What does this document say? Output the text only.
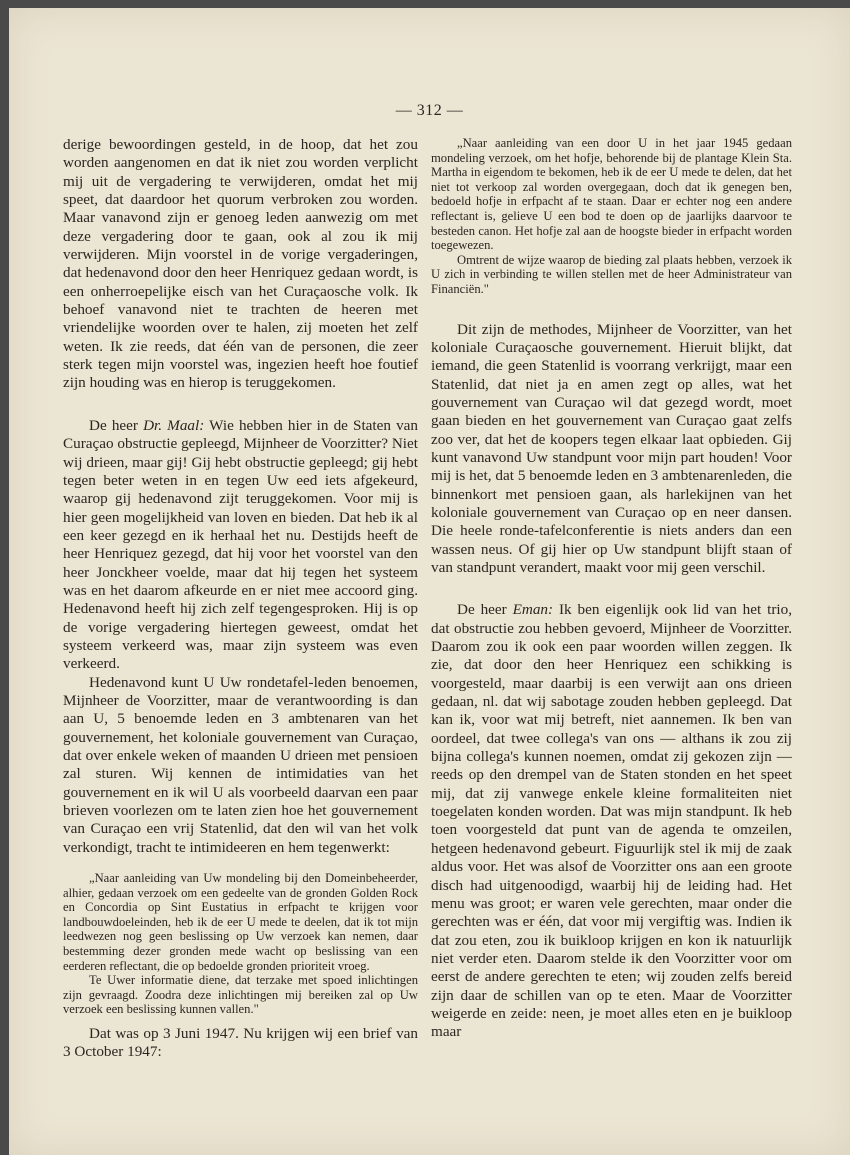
— 312 —

derige bewoordingen gesteld, in de hoop, dat het zou worden aangenomen en dat ik niet zou worden verplicht mij uit de vergadering te verwijderen, omdat het mij speet, dat daardoor het quorum verbroken zou worden. Maar vanavond zijn er genoeg leden aanwezig om met deze vergadering door te gaan, ook al zou ik mij verwijderen. Mijn voorstel in de vorige vergaderingen, dat hedenavond door den heer Henriquez gedaan wordt, is een onherroepelijke eisch van het Curaçaosche volk. Ik behoef vanavond niet te trachten de heeren met vriendelijke woorden over te halen, zij moeten het zelf weten. Ik zie reeds, dat één van de personen, die zeer sterk tegen mijn voorstel was, ingezien heeft hoe foutief zijn houding was en hierop is teruggekomen.

De heer Dr. Maal: Wie hebben hier in de Staten van Curaçao obstructie gepleegd, Mijnheer de Voorzitter? Niet wij drieen, maar gij! Gij hebt obstructie gepleegd; gij hebt tegen beter weten in en tegen Uw eed iets afgekeurd, waarop gij hedenavond zijt teruggekomen. Voor mij is hier geen mogelijkheid van loven en bieden. Dat heb ik al een keer gezegd en ik herhaal het nu. Destijds heeft de heer Henriquez gezegd, dat hij voor het voorstel van den heer Jonckheer voelde, maar dat hij tegen het systeem was en het daarom afkeurde en er niet mee accoord ging. Hedenavond heeft hij zich zelf tegengesproken. Hij is op de vorige vergadering hiertegen geweest, omdat het systeem verkeerd was, maar zijn systeem was even verkeerd.

Hedenavond kunt U Uw rondetafel-leden benoemen, Mijnheer de Voorzitter, maar de verantwoording is dan aan U, 5 benoemde leden en 3 ambtenaren van het gouvernement, het koloniale gouvernement van Curaçao, dat over enkele weken of maanden U drieen met pensioen zal sturen. Wij kennen de intimidaties van het gouvernement en ik wil U als voorbeeld daarvan een paar brieven voorlezen om te laten zien hoe het gouvernement van Curaçao een vrij Statenlid, dat den wil van het volk verkondigt, tracht te intimideeren en hem tegenwerkt:

„Naar aanleiding van Uw mondeling bij den Domeinbeheerder, alhier, gedaan verzoek om een gedeelte van de gronden Golden Rock en Concordia op Sint Eustatius in erfpacht te krijgen voor landbouwdoeleinden, heb ik de eer U mede te deelen, dat ik tot mijn leedwezen nog geen beslissing op Uw verzoek kan nemen, daar bestemming dezer gronden mede wacht op beslissing van een eerderen reflectant, die op bedoelde gronden prioriteit vroeg.

Te Uwer informatie diene, dat terzake met spoed inlichtingen zijn gevraagd. Zoodra deze inlichtingen mij bereiken zal op Uw verzoek een beslissing kunnen vallen."

Dat was op 3 Juni 1947. Nu krijgen wij een brief van 3 October 1947:

„Naar aanleiding van een door U in het jaar 1945 gedaan mondeling verzoek, om het hofje, behorende bij de plantage Klein Sta. Martha in eigendom te bekomen, heb ik de eer U mede te delen, dat het niet tot verkoop zal worden overgegaan, doch dat ik genegen ben, bedoeld hofje in erfpacht af te staan. Daar er echter nog een andere reflectant is, gelieve U een bod te doen op de jaarlijks daarvoor te besteden canon. Het hofje zal aan de hoogste bieder in erfpacht worden toegewezen.

Omtrent de wijze waarop de bieding zal plaats hebben, verzoek ik U zich in verbinding te willen stellen met de heer Administrateur van Financiën."

Dit zijn de methodes, Mijnheer de Voorzitter, van het koloniale Curaçaosche gouvernement. Hieruit blijkt, dat iemand, die geen Statenlid is voorrang verkrijgt, maar een Statenlid, dat niet ja en amen zegt op alles, wat het gouvernement van Curaçao wil dat gezegd wordt, moet gaan bieden en het gouvernement van Curaçao gaat zelfs zoo ver, dat het de koopers tegen elkaar laat opbieden. Gij kunt vanavond Uw standpunt voor mijn part houden! Voor mij is het, dat 5 benoemde leden en 3 ambtenarenleden, die binnenkort met pensioen gaan, als harlekijnen van het koloniale gouvernement van Curaçao op en neer dansen. Die heele ronde-tafelconferentie is niets anders dan een wassen neus. Of gij hier op Uw standpunt blijft staan of van standpunt verandert, maakt voor mij geen verschil.

De heer Eman: Ik ben eigenlijk ook lid van het trio, dat obstructie zou hebben gevoerd, Mijnheer de Voorzitter. Daarom zou ik ook een paar woorden willen zeggen. Ik zie, dat door den heer Henriquez een schikking is voorgesteld, maar daarbij is een verwijt aan ons drieen gedaan, nl. dat wij sabotage zouden hebben gepleegd. Dat kan ik, voor wat mij betreft, niet aannemen. Ik ben van oordeel, dat twee collega's van ons — althans ik zou zij bijna collega's kunnen noemen, omdat zij gekozen zijn — reeds op den drempel van de Staten stonden en het speet mij, dat zij vanwege enkele kleine formaliteiten niet toegelaten konden worden. Dat was mijn standpunt. Ik heb toen voorgesteld dat punt van de agenda te omzeilen, hetgeen hedenavond gebeurt. Figuurlijk stel ik mij de zaak aldus voor. Het was alsof de Voorzitter ons aan een groote disch had uitgenoodigd, waarbij hij de leiding had. Het menu was groot; er waren vele gerechten, maar onder die gerechten was er één, dat voor mij vergiftig was. Indien ik dat zou eten, zou ik buikloop krijgen en kon ik natuurlijk niet verder eten. Daarom stelde ik den Voorzitter voor om eerst de andere gerechten te eten; wij zouden zelfs bereid zijn daar de schillen van op te eten. Maar de Voorzitter weigerde en zeide: neen, je moet alles eten en je buikloop maar
